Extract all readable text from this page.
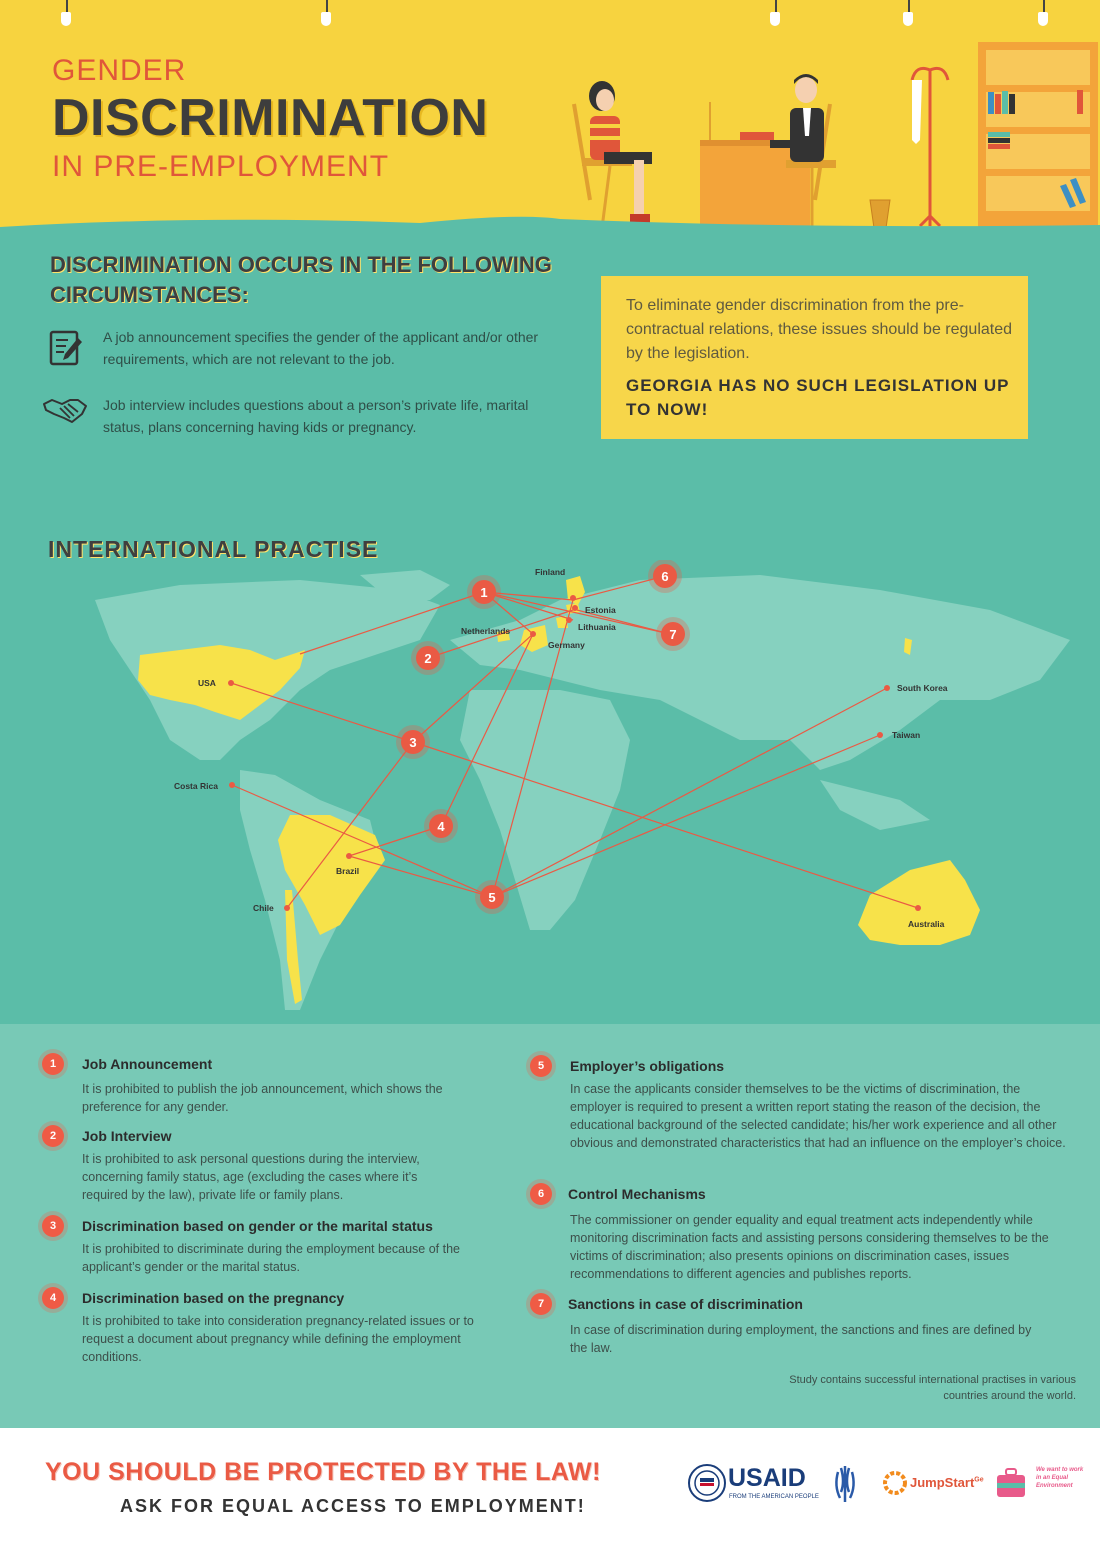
GENDER
DISCRIMINATION
IN PRE-EMPLOYMENT
DISCRIMINATION OCCURS IN THE FOLLOWING CIRCUMSTANCES:
A job announcement specifies the gender of the applicant and/or other requirements, which are not relevant to the job.
Job interview includes questions about a person’s private life, marital status, plans concerning having kids or pregnancy.
To eliminate gender discrimination from the pre-contractual relations, these issues should be regulated by the legislation.
GEORGIA HAS NO SUCH LEGISLATION UP TO NOW!
INTERNATIONAL PRACTISE
Finland
Estonia
Lithuania
Netherlands
Germany
USA	South Korea
Taiwan
Costa Rica
Brazil
Chile
Australia
1
2
3
4
5
6
7
1	Job Announcement
It is prohibited to publish the job announcement, which shows the preference for any gender.
2	Job Interview
It is prohibited to ask personal questions during the interview, concerning family status, age (excluding the cases where it’s required by the law), private life or family plans.
3	Discrimination based on gender or the marital status
It is prohibited to discriminate during the employment because of the applicant’s gender or the marital status.
4	Discrimination based on the pregnancy
It is prohibited to take into consideration pregnancy-related issues or to request a document about pregnancy while defining the employment conditions.
5	Employer’s obligations
In case the applicants consider themselves to be the victims of discrimination, the employer is required to present a written report stating the reason of the decision, the educational background of the selected candidate; his/her work experience and all other obvious and demonstrated characteristics that had an influence on the employer’s choice.
6	Control Mechanisms
The commissioner on gender equality and equal treatment acts independently while monitoring discrimination facts and assisting persons considering themselves to be the victims of discrimination; also presents opinions on discrimination cases, issues recommendations to different agencies and publishes reports.
7	Sanctions in case of discrimination
In case of discrimination during employment, the sanctions and fines are defined by the law.
Study contains successful international practises in various countries around the world.
YOU SHOULD BE PROTECTED BY THE LAW!
ASK FOR EQUAL ACCESS TO EMPLOYMENT!
USAID
FROM THE AMERICAN PEOPLE
JumpStart$^{Ge}$
We want to work in an Equal Environment
